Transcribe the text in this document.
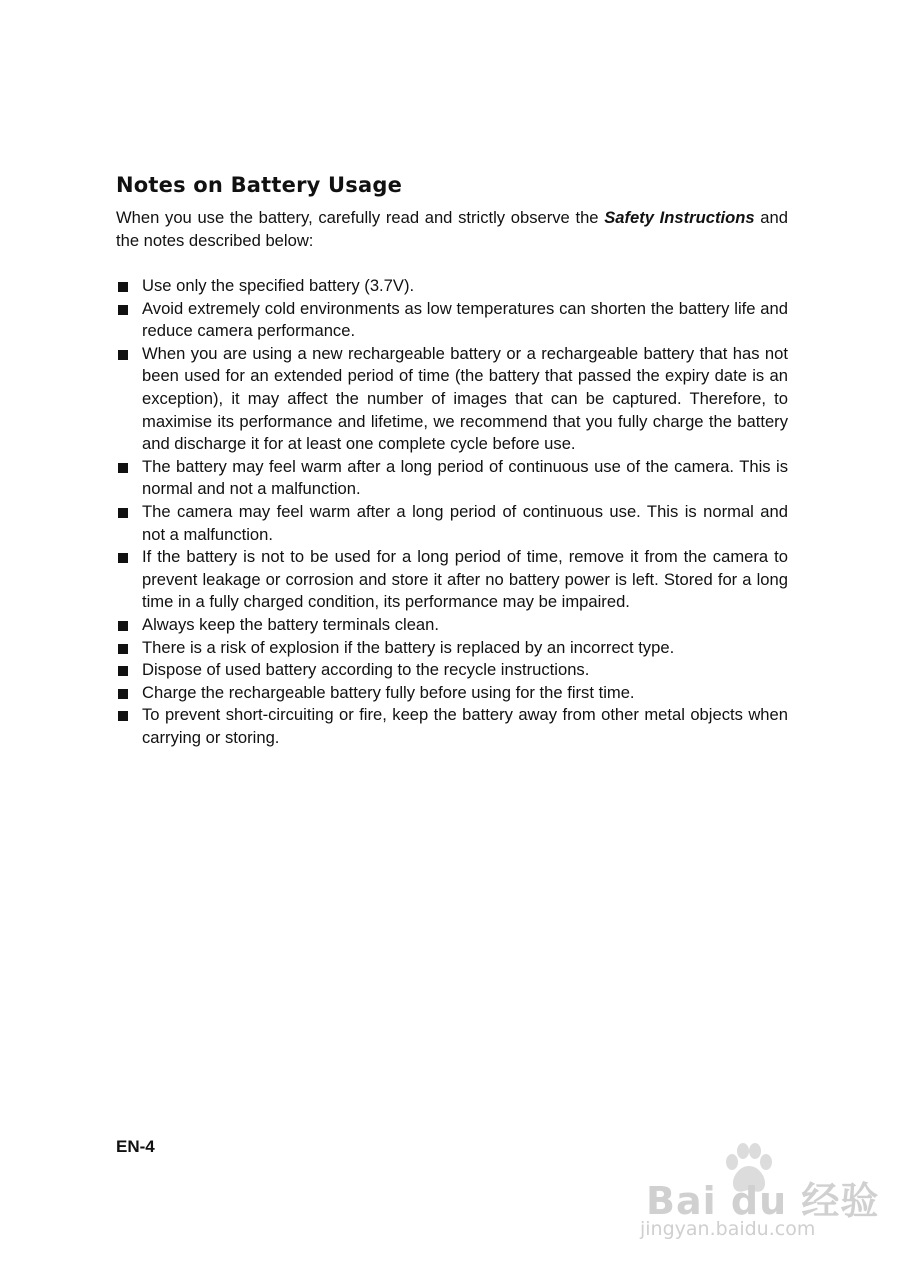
Notes on Battery Usage

When you use the battery, carefully read and strictly observe the Safety Instructions and the notes described below:

Use only the specified battery (3.7V).
Avoid extremely cold environments as low temperatures can shorten the battery life and reduce camera performance.
When you are using a new rechargeable battery or a rechargeable battery that has not been used for an extended period of time (the battery that passed the expiry date is an exception), it may affect the number of images that can be captured. Therefore, to maximise its performance and lifetime, we recommend that you fully charge the battery and discharge it for at least one complete cycle before use.
The battery may feel warm after a long period of continuous use of the camera. This is normal and not a malfunction.
The camera may feel warm after a long period of continuous use. This is normal and not a malfunction.
If the battery is not to be used for a long period of time, remove it from the camera to prevent leakage or corrosion and store it after no battery power is left. Stored for a long time in a fully charged condition, its performance may be impaired.
Always keep the battery terminals clean.
There is a risk of explosion if the battery is replaced by an incorrect type.
Dispose of used battery according to the recycle instructions.
Charge the rechargeable battery fully before using for the first time.
To prevent short-circuiting or fire, keep the battery away from other metal objects when carrying or storing.

EN-4

Bai du 经验
jingyan.baidu.com
